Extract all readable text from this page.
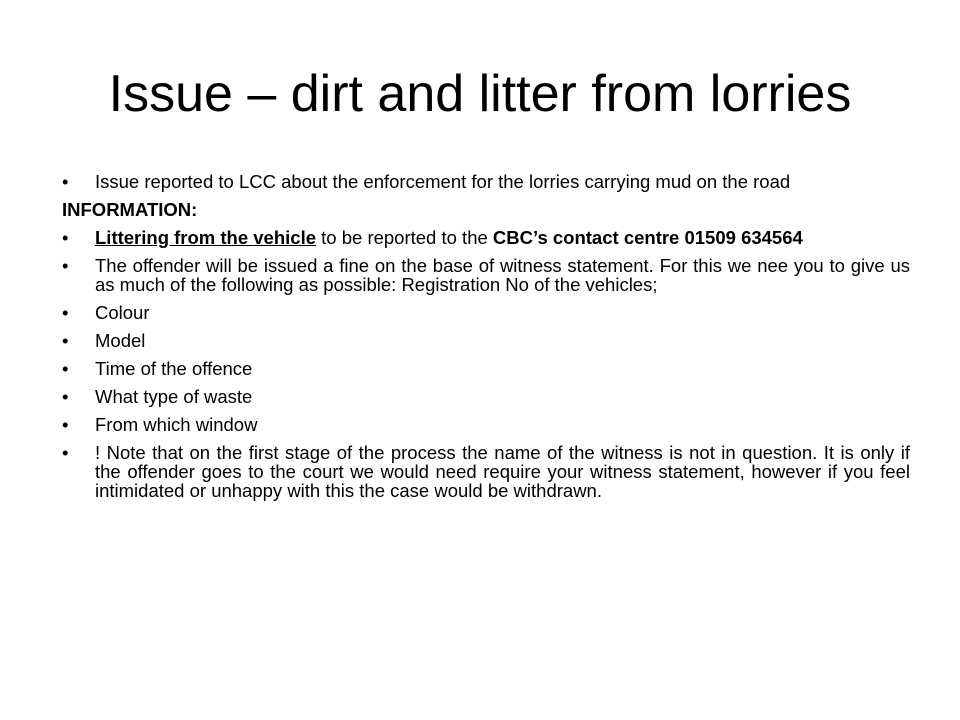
Issue – dirt and litter from lorries
•	Issue reported to LCC about the enforcement for the lorries carrying mud on the road
INFORMATION:
•	Littering from the vehicle to be reported to the CBC’s contact centre 01509 634564
•	The offender will be issued a fine on the base of witness statement. For this we nee you to give us as much of the following as possible: Registration No of the vehicles;
•	Colour
•	Model
•	Time of the offence
•	What type of waste
•	From which window
•	! Note that on the first stage of the process the name of the witness is not in question. It is only if the offender goes to the court we would need require your witness statement, however if you feel intimidated or unhappy with this the case would be withdrawn.
